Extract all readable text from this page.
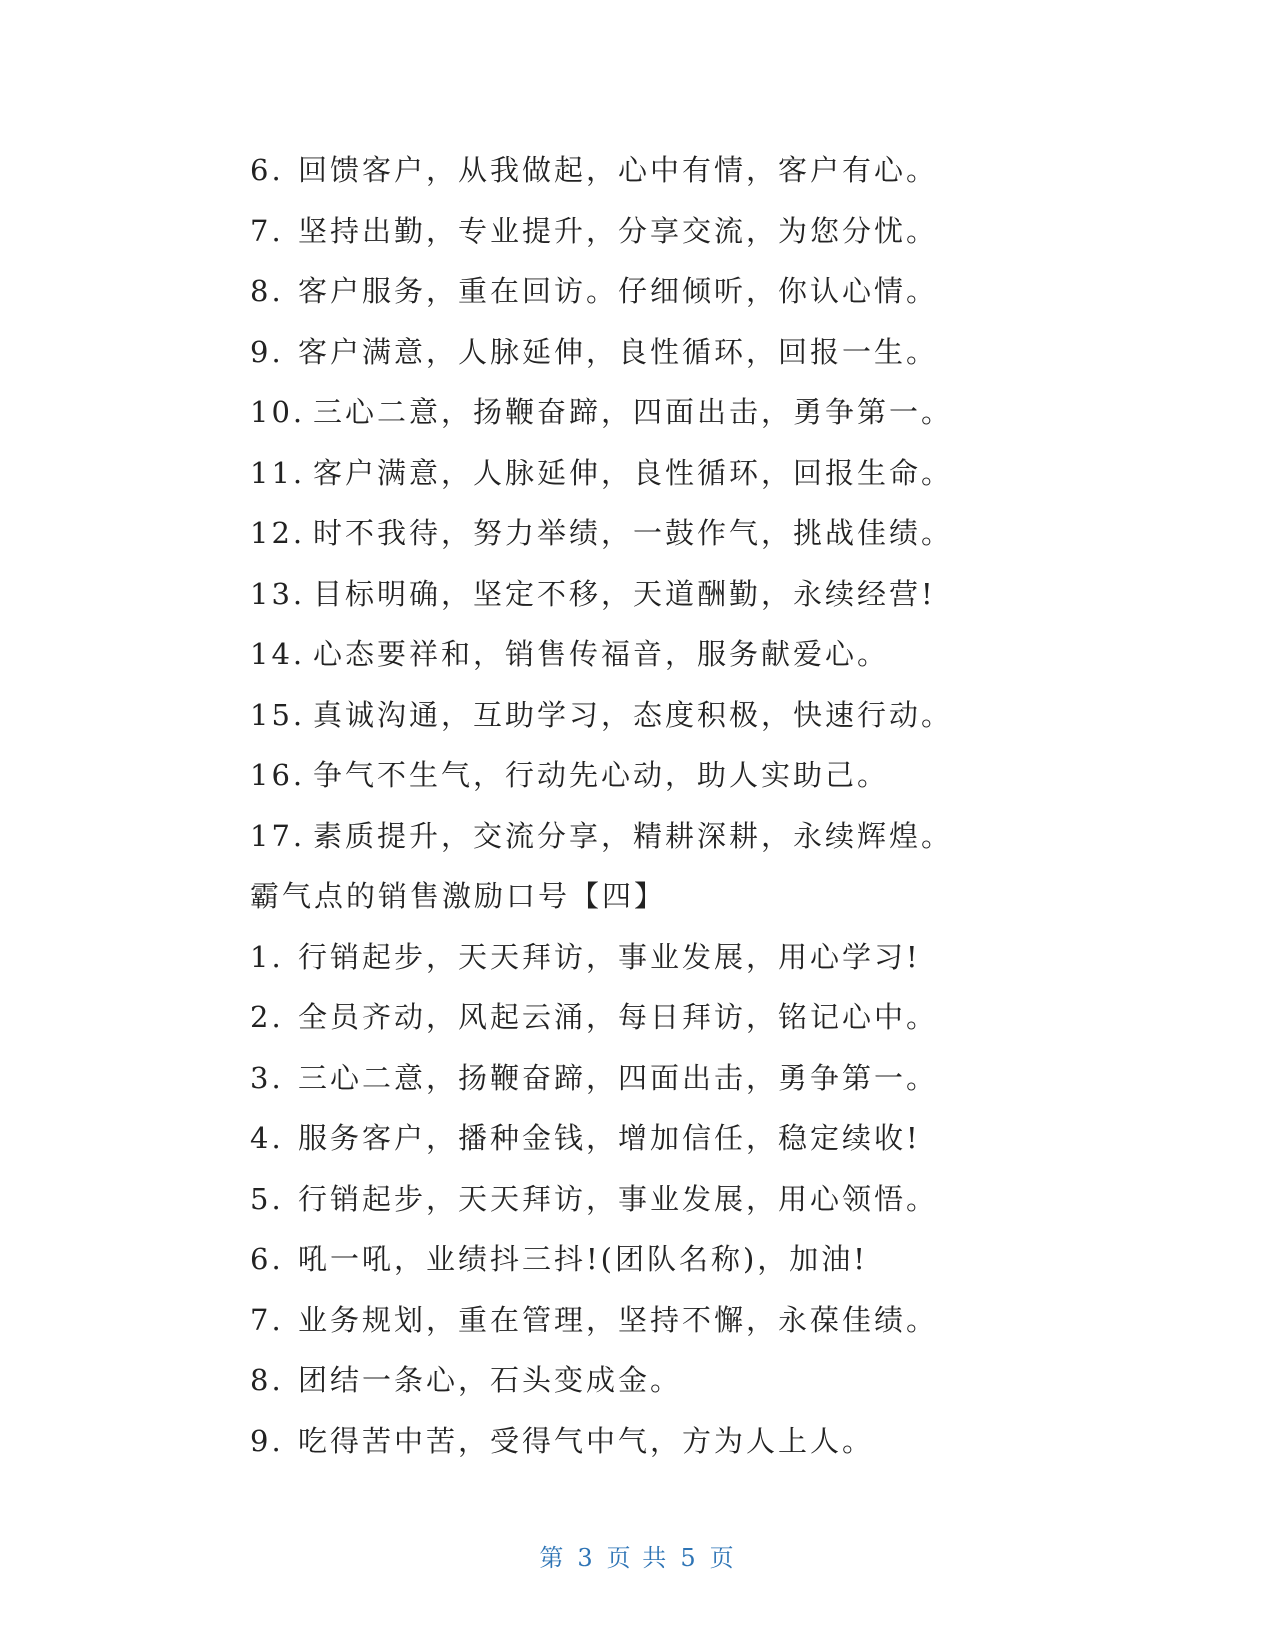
6. 回馈客户，从我做起，心中有情，客户有心。
7. 坚持出勤，专业提升，分享交流，为您分忧。
8. 客户服务，重在回访。仔细倾听，你认心情。
9. 客户满意，人脉延伸，良性循环，回报一生。
10. 三心二意，扬鞭奋蹄，四面出击，勇争第一。
11. 客户满意，人脉延伸，良性循环，回报生命。
12. 时不我待，努力举绩，一鼓作气，挑战佳绩。
13. 目标明确，坚定不移，天道酬勤，永续经营!
14. 心态要祥和，销售传福音，服务献爱心。
15. 真诚沟通，互助学习，态度积极，快速行动。
16. 争气不生气，行动先心动，助人实助己。
17. 素质提升，交流分享，精耕深耕，永续辉煌。
霸气点的销售激励口号【四】
1. 行销起步，天天拜访，事业发展，用心学习!
2. 全员齐动，风起云涌，每日拜访，铭记心中。
3. 三心二意，扬鞭奋蹄，四面出击，勇争第一。
4. 服务客户，播种金钱，增加信任，稳定续收!
5. 行销起步，天天拜访，事业发展，用心领悟。
6. 吼一吼，业绩抖三抖!(团队名称)，加油!
7. 业务规划，重在管理，坚持不懈，永葆佳绩。
8. 团结一条心，石头变成金。
9. 吃得苦中苦，受得气中气，方为人上人。
第 3 页 共 5 页
